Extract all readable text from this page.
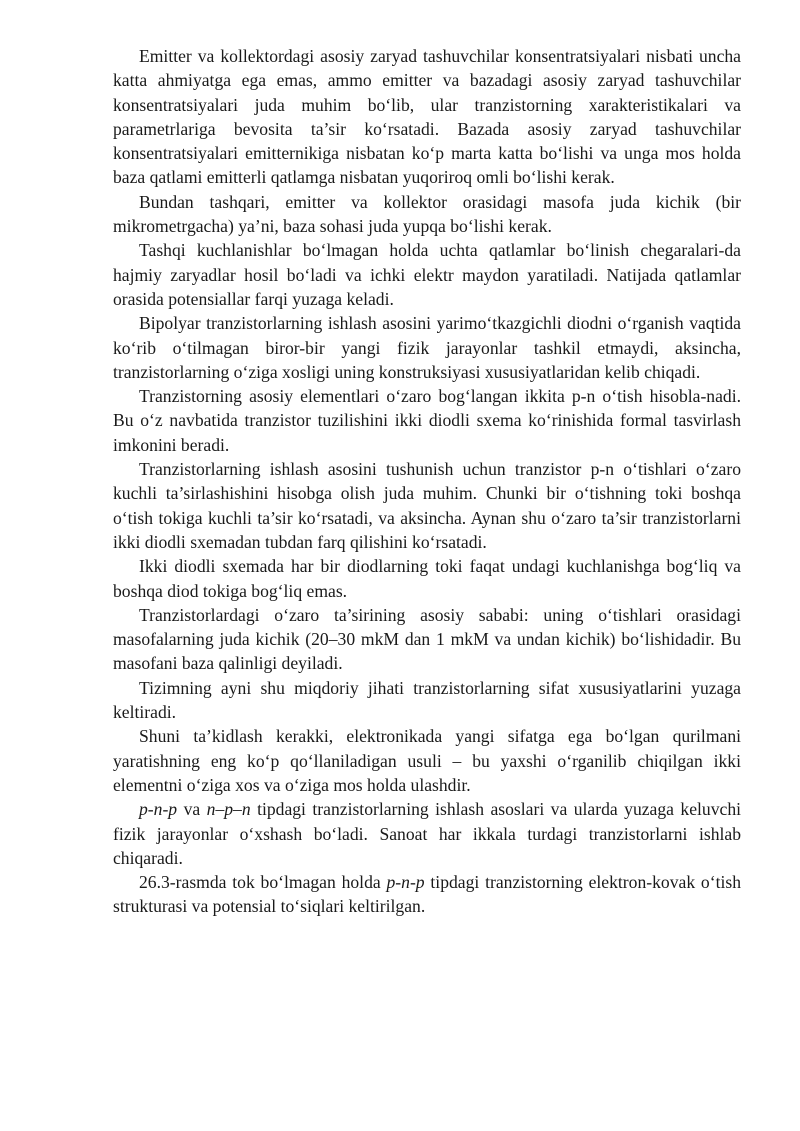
Emitter va kollektordagi asosiy zaryad tashuvchilar konsentratsiyalari nisbati uncha katta ahmiyatga ega emas, ammo emitter va bazadagi asosiy zaryad tashuvchilar konsentratsiyalari juda muhim bo‘lib, ular tranzistorning xarakteristikalari va parametrlariga bevosita ta’sir ko‘rsatadi. Bazada asosiy zaryad tashuvchilar konsentratsiyalari emitternikiga nisbatan ko‘p marta katta bo‘lishi va unga mos holda baza qatlami emitterli qatlamga nisbatan yuqoriroq omli bo‘lishi kerak.

Bundan tashqari, emitter va kollektor orasidagi masofa juda kichik (bir mikrometrgacha) ya’ni, baza sohasi juda yupqa bo‘lishi kerak.

Tashqi kuchlanishlar bo‘lmagan holda uchta qatlamlar bo‘linish chegaralari-da hajmiy zaryadlar hosil bo‘ladi va ichki elektr maydon yaratiladi. Natijada qatlamlar orasida potensiallar farqi yuzaga keladi.

Bipolyar tranzistorlarning ishlash asosini yarimo‘tkazgichli diodni o‘rganish vaqtida ko‘rib o‘tilmagan biror-bir yangi fizik jarayonlar tashkil etmaydi, aksincha, tranzistorlarning o‘ziga xosligi uning konstruksiyasi xususiyatlaridan kelib chiqadi.

Tranzistorning asosiy elementlari o‘zaro bog‘langan ikkita p-n o‘tish hisobla-nadi. Bu o‘z navbatida tranzistor tuzilishini ikki diodli sxema ko‘rinishida formal tasvirlash imkonini beradi.

Tranzistorlarning ishlash asosini tushunish uchun tranzistor p-n o‘tishlari o‘zaro kuchli ta’sirlashishini hisobga olish juda muhim. Chunki bir o‘tishning toki boshqa o‘tish tokiga kuchli ta’sir ko‘rsatadi, va aksincha. Aynan shu o‘zaro ta’sir tranzistorlarni ikki diodli sxemadan tubdan farq qilishini ko‘rsatadi.

Ikki diodli sxemada har bir diodlarning toki faqat undagi kuchlanishga bog‘liq va boshqa diod tokiga bog‘liq emas.

Tranzistorlardagi o‘zaro ta’sirining asosiy sababi: uning o‘tishlari orasidagi masofalarning juda kichik (20–30 mkM dan 1 mkM va undan kichik) bo‘lishidadir. Bu masofani baza qalinligi deyiladi.

Tizimning ayni shu miqdoriy jihati tranzistorlarning sifat xususiyatlarini yuzaga keltiradi.

Shuni ta’kidlash kerakki, elektronikada yangi sifatga ega bo‘lgan qurilmani yaratishning eng ko‘p qo‘llaniladigan usuli – bu yaxshi o‘rganilib chiqilgan ikki elementni o‘ziga xos va o‘ziga mos holda ulashdir.

p-n-p va n–p–n tipdagi tranzistorlarning ishlash asoslari va ularda yuzaga keluvchi fizik jarayonlar o‘xshash bo‘ladi. Sanoat har ikkala turdagi tranzistorlarni ishlab chiqaradi.

26.3-rasmda tok bo‘lmagan holda p-n-p tipdagi tranzistorning elektron-kovak o‘tish strukturasi va potensial to‘siqlari keltirilgan.
